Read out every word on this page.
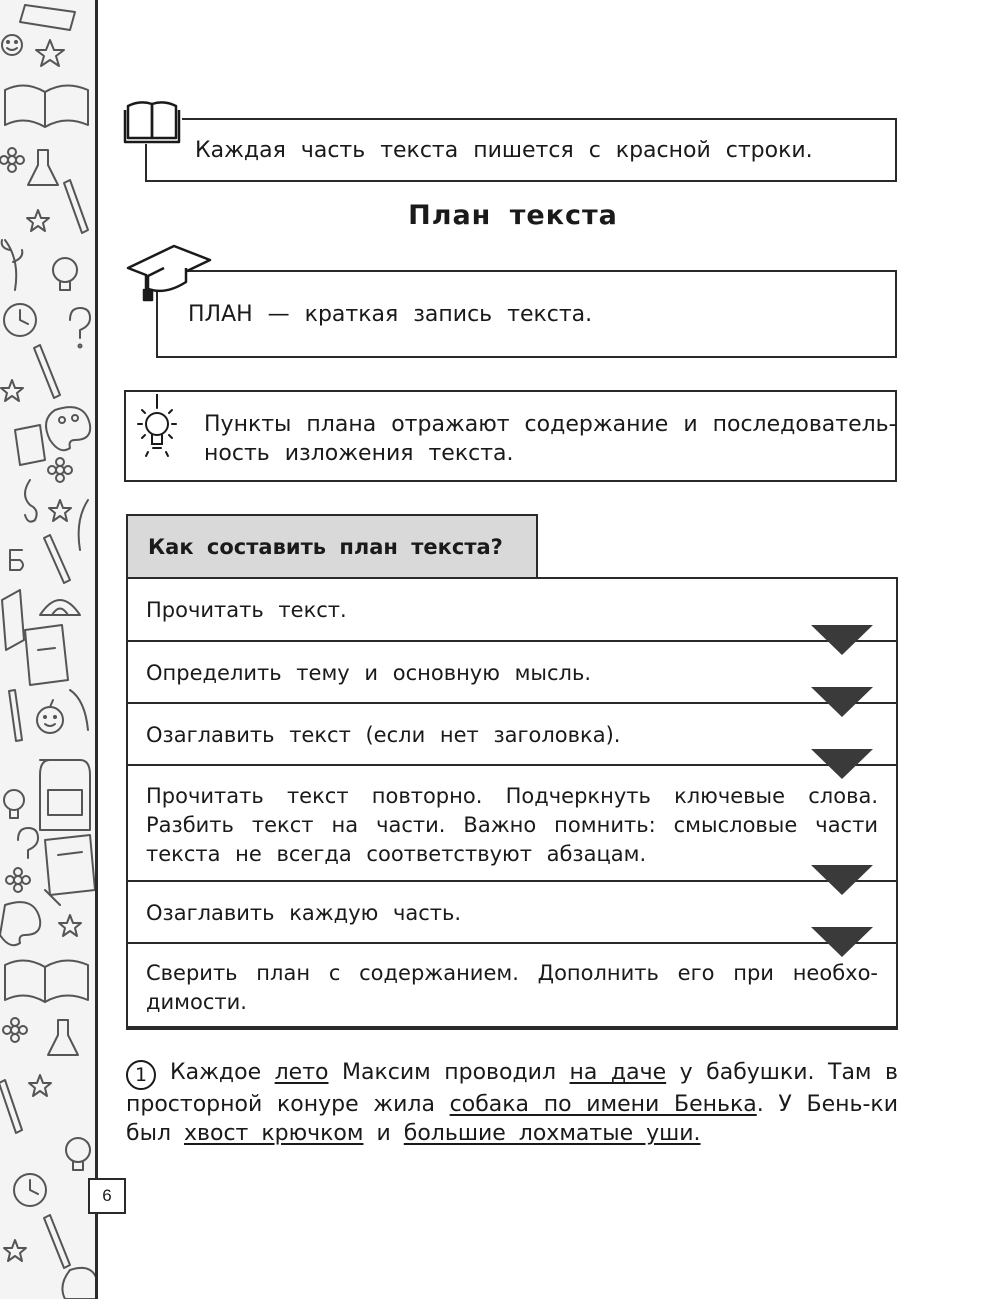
6
Каждая часть текста пишется с красной строки.
План текста
ПЛАН — краткая запись текста.
Пункты плана отражают содержание и последователь-
ность изложения текста.
Как составить план текста?
Прочитать текст.
Определить тему и основную мысль.
Озаглавить текст (если нет заголовка).
Прочитать текст повторно. Подчеркнуть ключевые слова. Разбить текст на части. Важно помнить: смысловые части текста не всегда соответствуют абзацам.
Озаглавить каждую часть.
Сверить план с содержанием. Дополнить его при необхо-димости.
1 Каждое лето Максим проводил на даче у бабушки. Там в просторной конуре жила собака по имени Бенька. У Бень-ки был хвост крючком и большие лохматые уши.
